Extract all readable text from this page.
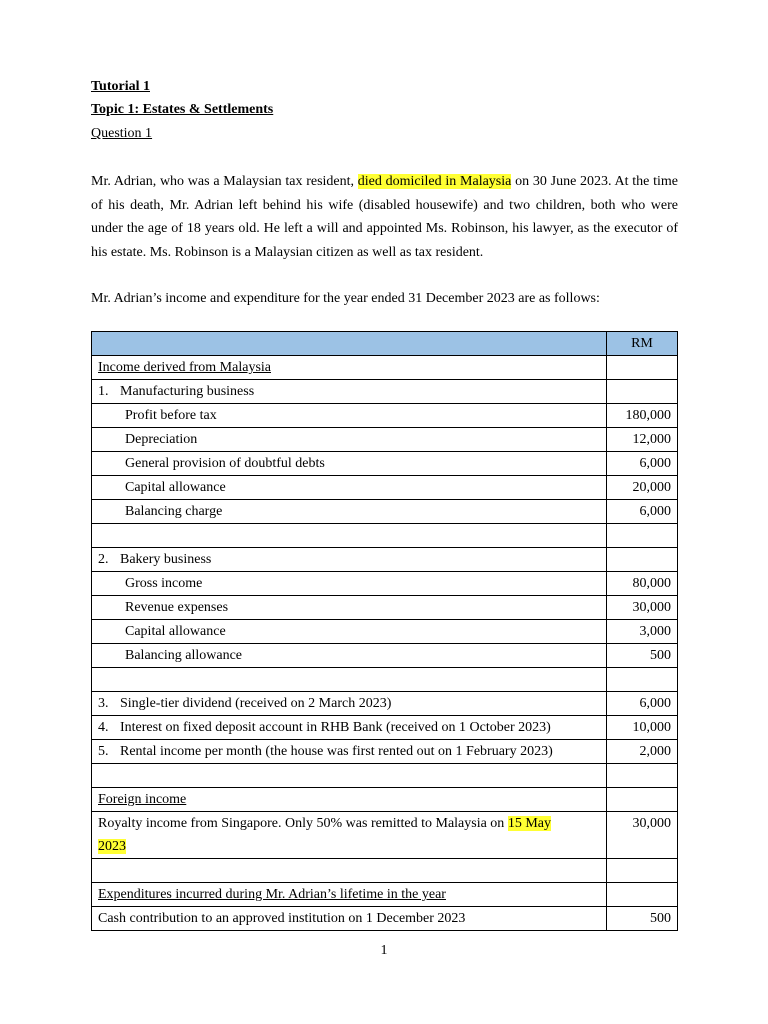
Tutorial 1
Topic 1: Estates & Settlements
Question 1

Mr. Adrian, who was a Malaysian tax resident, died domiciled in Malaysia on 30 June 2023. At the time of his death, Mr. Adrian left behind his wife (disabled housewife) and two children, both who were under the age of 18 years old. He left a will and appointed Ms. Robinson, his lawyer, as the executor of his estate. Ms. Robinson is a Malaysian citizen as well as tax resident.

Mr. Adrian’s income and expenditure for the year ended 31 December 2023 are as follows:

	RM
Income derived from Malaysia	
1. Manufacturing business	
Profit before tax	180,000
Depreciation	12,000
General provision of doubtful debts	6,000
Capital allowance	20,000
Balancing charge	6,000

2. Bakery business	
Gross income	80,000
Revenue expenses	30,000
Capital allowance	3,000
Balancing allowance	500

3. Single-tier dividend (received on 2 March 2023)	6,000
4. Interest on fixed deposit account in RHB Bank (received on 1 October 2023)	10,000
5. Rental income per month (the house was first rented out on 1 February 2023)	2,000

Foreign income	
Royalty income from Singapore. Only 50% was remitted to Malaysia on 15 May
2023	30,000

Expenditures incurred during Mr. Adrian’s lifetime in the year	
Cash contribution to an approved institution on 1 December 2023	500
1
